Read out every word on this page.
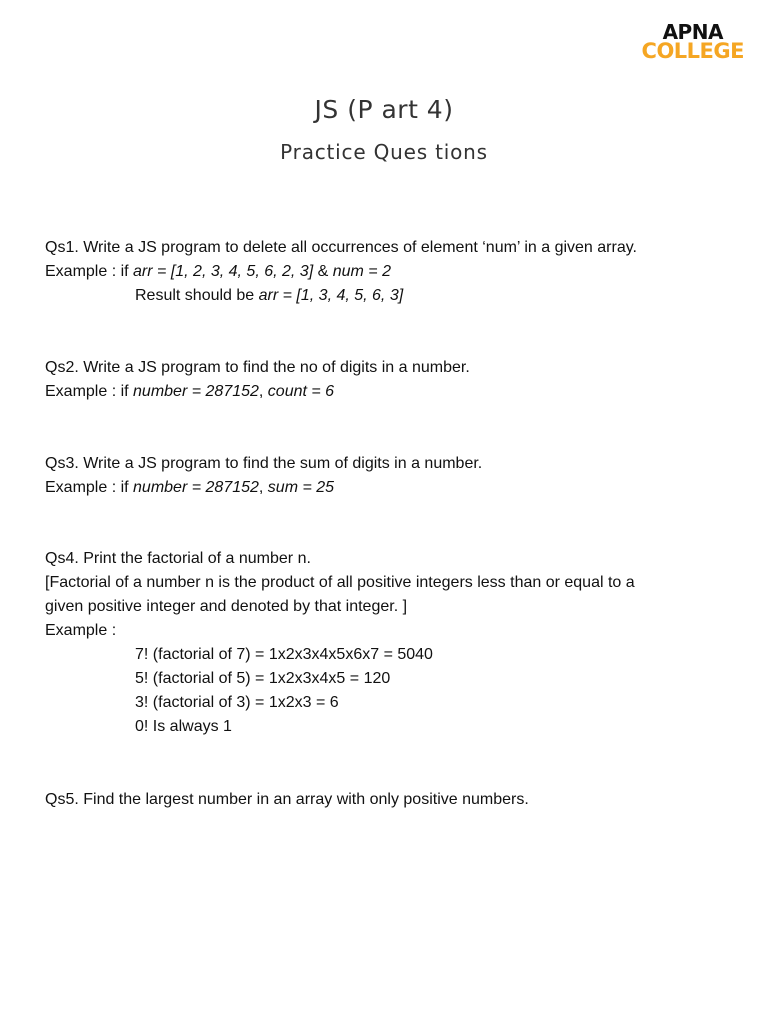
APNA
COLLEGE
JS (P art 4)
Practice Ques tions
Qs1. Write a JS program to delete all occurrences of element ‘num’ in a given array.
Example : if arr = [1, 2, 3, 4, 5, 6, 2, 3] & num = 2
Result should be arr = [1, 3, 4, 5, 6, 3]
Qs2. Write a JS program to find the no of digits in a number.
Example : if number = 287152, count = 6
Qs3. Write a JS program to find the sum of digits in a number.
Example : if number = 287152, sum = 25
Qs4. Print the factorial of a number n.
[Factorial of a number n is the product of all positive integers less than or equal to a
given positive integer and denoted by that integer. ]
Example :
7! (factorial of 7) = 1x2x3x4x5x6x7 = 5040
5! (factorial of 5) = 1x2x3x4x5 = 120
3! (factorial of 3) = 1x2x3 = 6
0! Is always 1
Qs5. Find the largest number in an array with only positive numbers.
